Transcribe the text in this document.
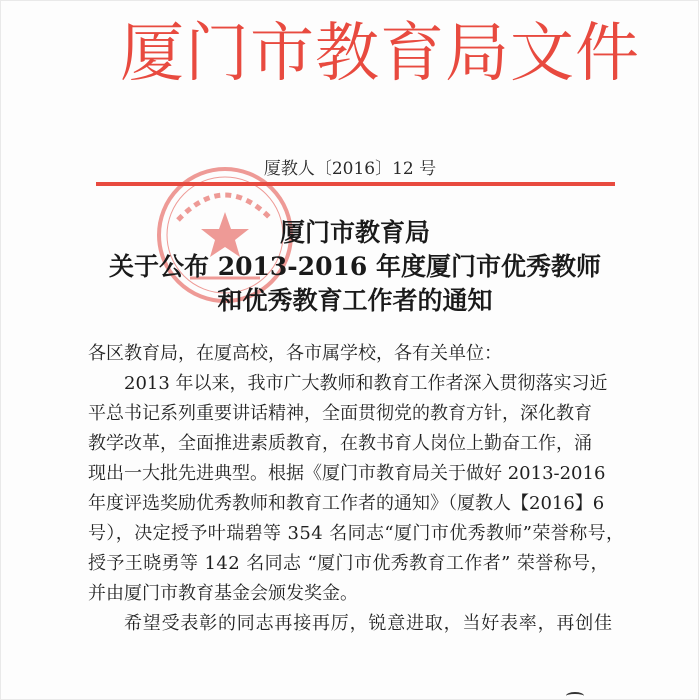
厦门市教育局文件
厦教人〔2016〕12 号
厦门市教育局
关于公布 2013-2016 年度厦门市优秀教师
和优秀教育工作者的通知
各区教育局，在厦高校，各市属学校，各有关单位：
2013 年以来，我市广大教师和教育工作者深入贯彻落实习近
平总书记系列重要讲话精神，全面贯彻党的教育方针，深化教育
教学改革，全面推进素质教育，在教书育人岗位上勤奋工作，涌
现出一大批先进典型。根据《厦门市教育局关于做好 2013-2016
年度评选奖励优秀教师和教育工作者的通知》（厦教人【2016】6
号），决定授予叶瑞碧等 354 名同志“厦门市优秀教师”荣誉称号，
授予王晓勇等 142 名同志 “厦门市优秀教育工作者” 荣誉称号，
并由厦门市教育基金会颁发奖金。
希望受表彰的同志再接再厉，锐意进取，当好表率，再创佳
